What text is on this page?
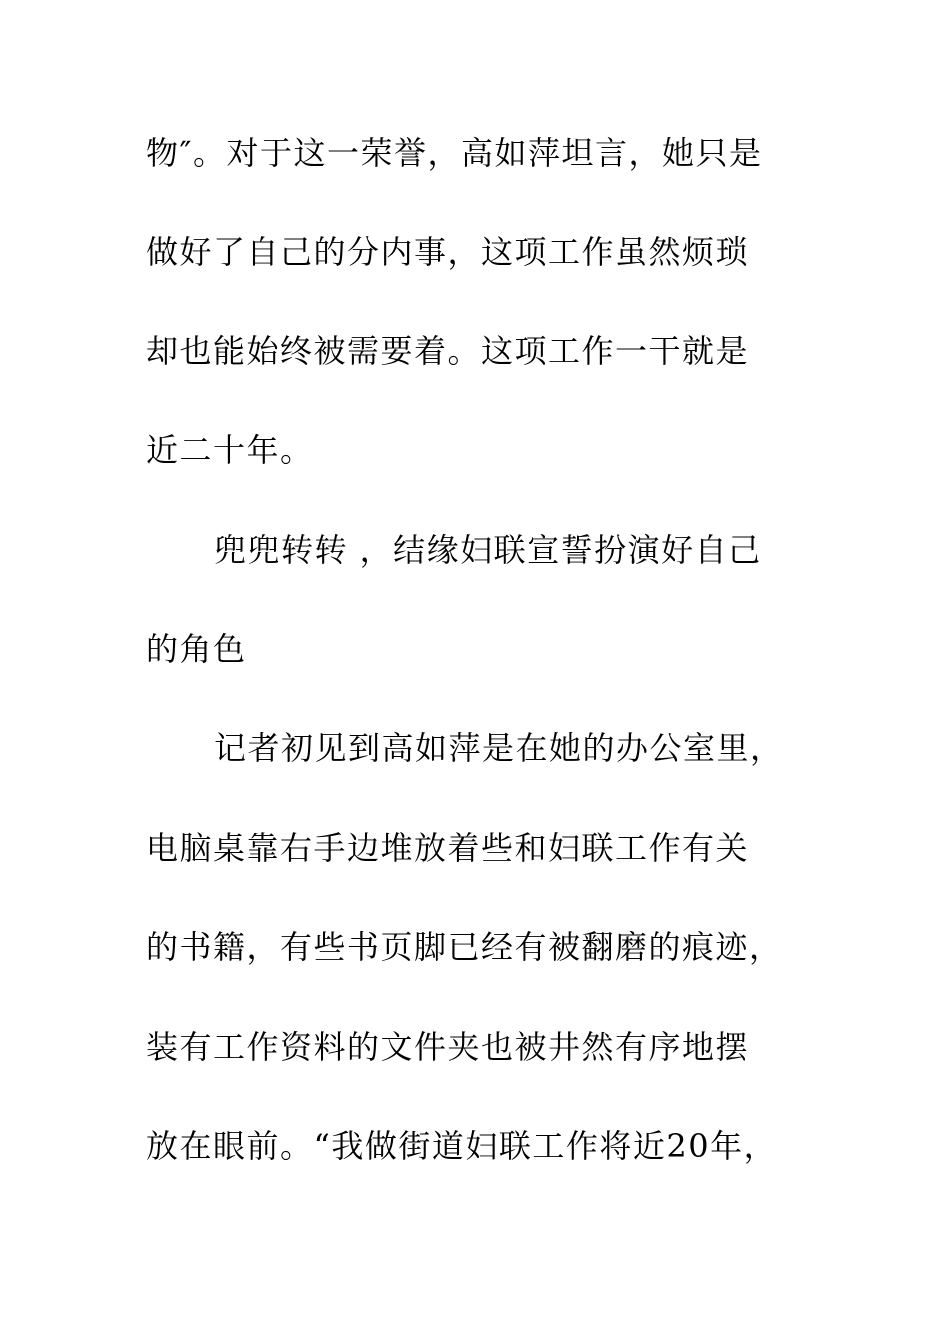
物″。对于这一荣誉，高如萍坦言，她只是
做好了自己的分内事，这项工作虽然烦琐
却也能始终被需要着。这项工作一干就是
近二十年。
兜兜转转 ，结缘妇联宣誓扮演好自己
的角色
记者初见到高如萍是在她的办公室里，
电脑桌靠右手边堆放着些和妇联工作有关
的书籍，有些书页脚已经有被翻磨的痕迹，
装有工作资料的文件夹也被井然有序地摆
放在眼前。“我做街道妇联工作将近20年，
